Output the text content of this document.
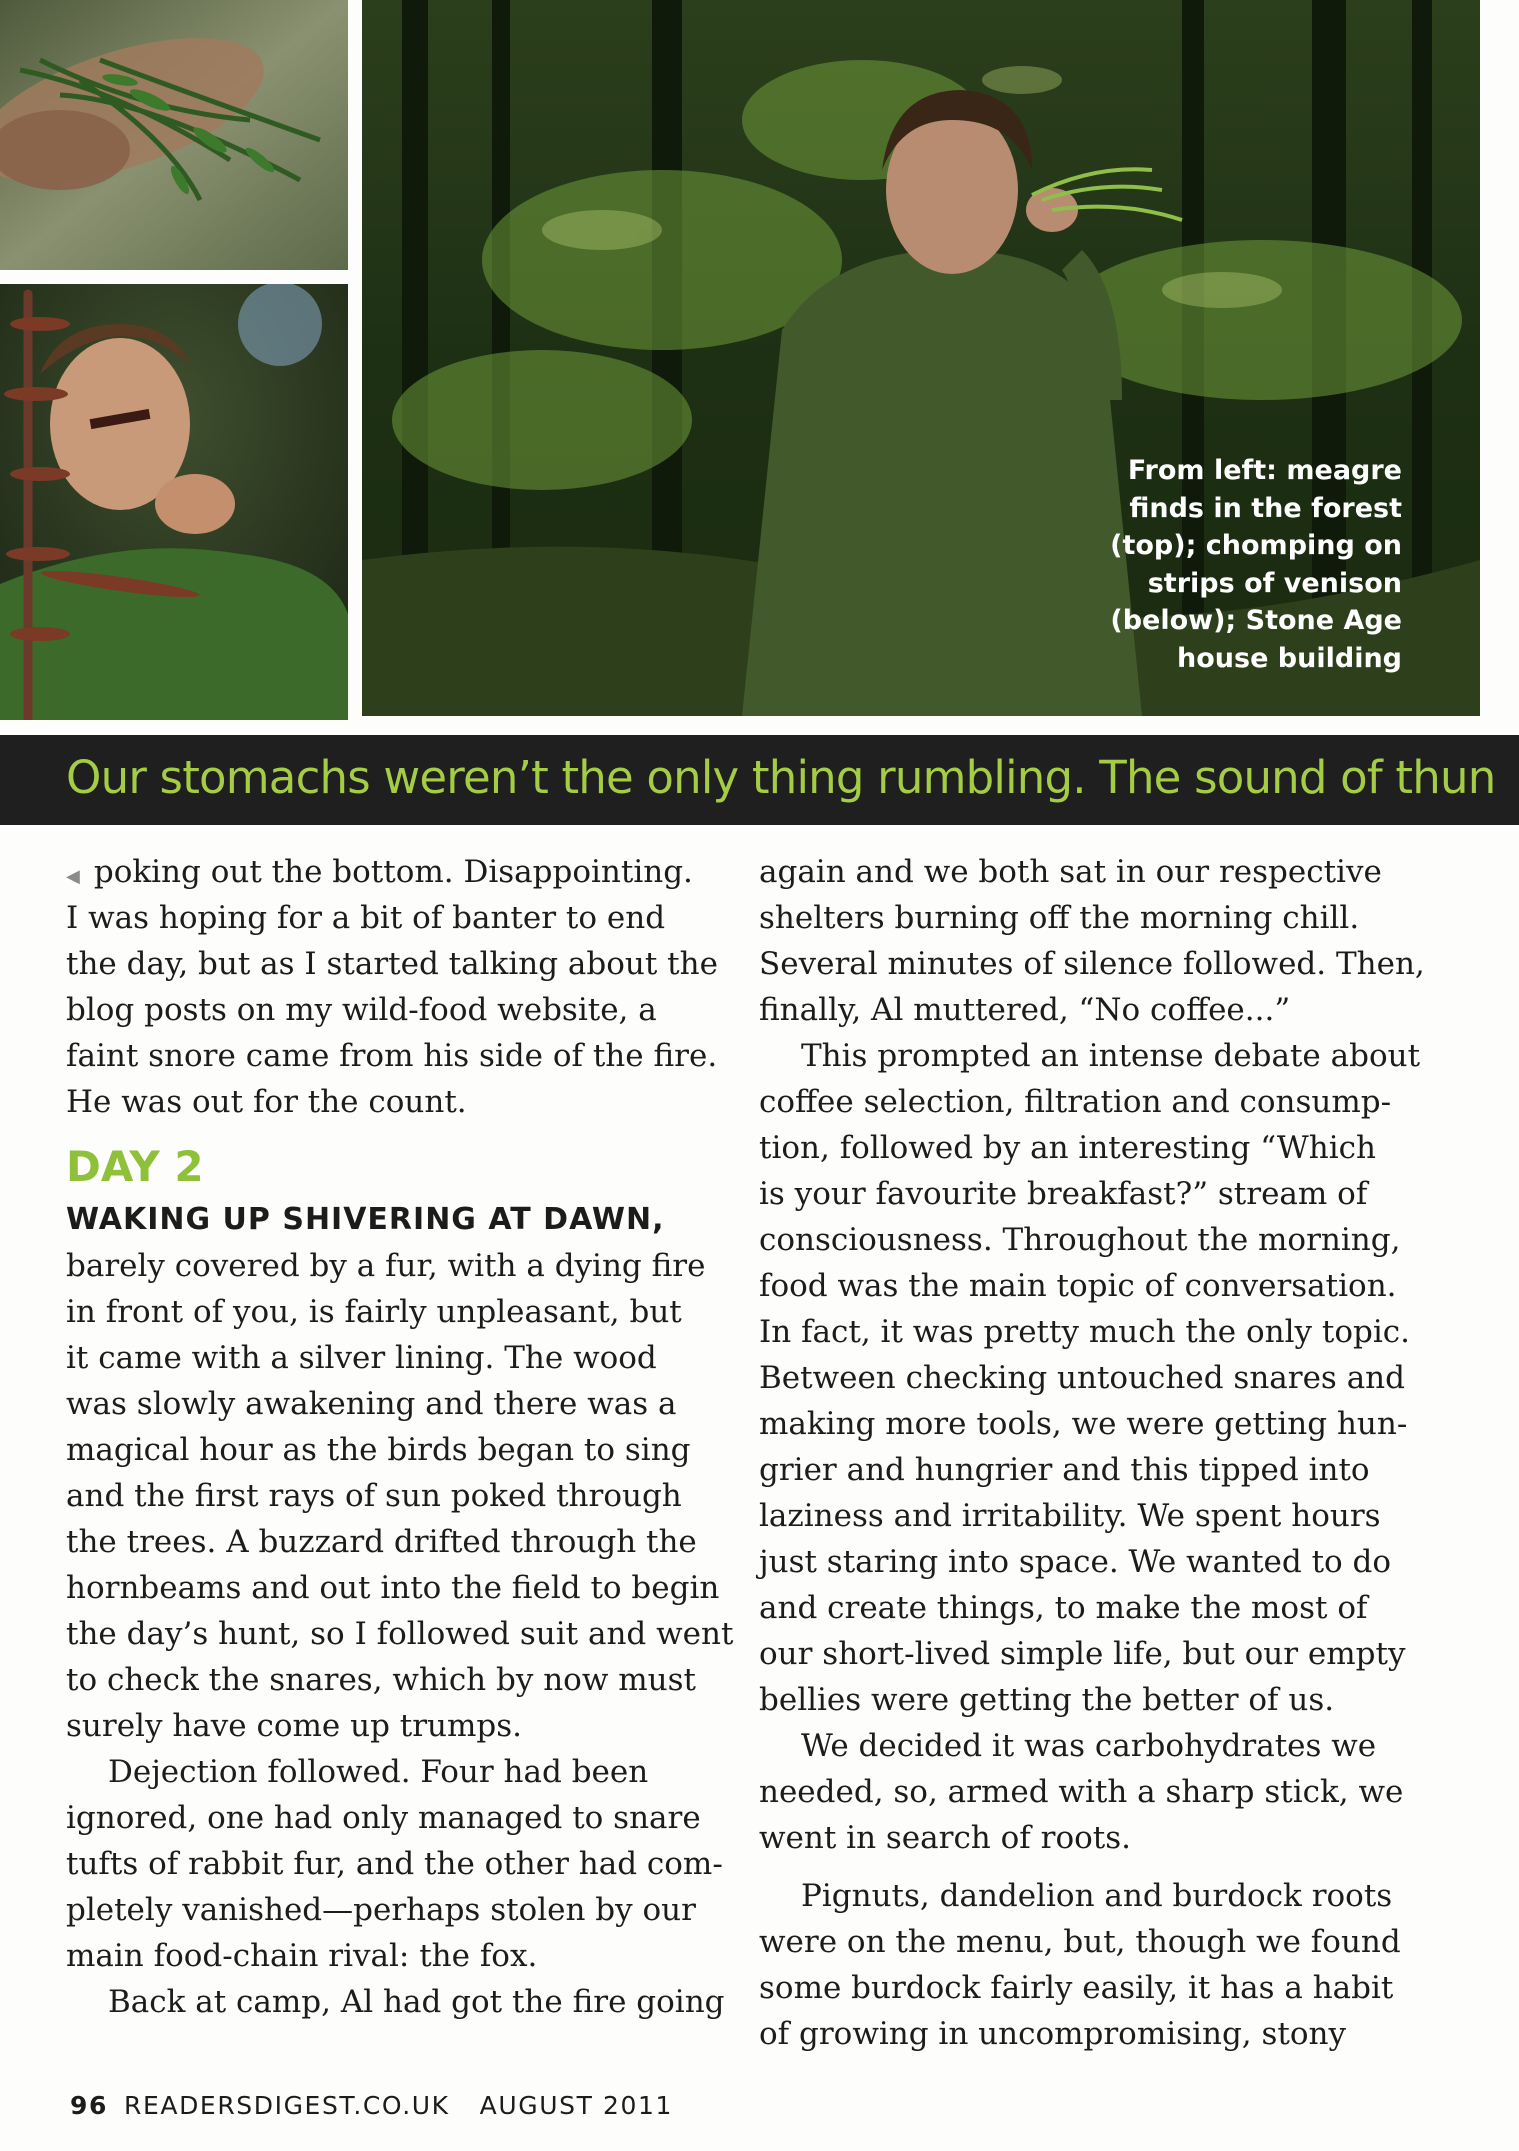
From left: meagre
finds in the forest
(top); chomping on
strips of venison
(below); Stone Age
house building
Our stomachs weren’t the only thing rumbling. The sound of thun
◀ poking out the bottom. Disappointing.
I was hoping for a bit of banter to end
the day, but as I started talking about the
blog posts on my wild-food website, a
faint snore came from his side of the fire.
He was out for the count.
DAY 2
WAKING UP SHIVERING AT DAWN,
barely covered by a fur, with a dying fire
in front of you, is fairly unpleasant, but
it came with a silver lining. The wood
was slowly awakening and there was a
magical hour as the birds began to sing
and the first rays of sun poked through
the trees. A buzzard drifted through the
hornbeams and out into the field to begin
the day’s hunt, so I followed suit and went
to check the snares, which by now must
surely have come up trumps.
Dejection followed. Four had been
ignored, one had only managed to snare
tufts of rabbit fur, and the other had com-
pletely vanished—perhaps stolen by our
main food-chain rival: the fox.
Back at camp, Al had got the fire going
again and we both sat in our respective
shelters burning off the morning chill.
Several minutes of silence followed. Then,
finally, Al muttered, “No coffee...”
This prompted an intense debate about
coffee selection, filtration and consump-
tion, followed by an interesting “Which
is your favourite breakfast?” stream of
consciousness. Throughout the morning,
food was the main topic of conversation.
In fact, it was pretty much the only topic.
Between checking untouched snares and
making more tools, we were getting hun-
grier and hungrier and this tipped into
laziness and irritability. We spent hours
just staring into space. We wanted to do
and create things, to make the most of
our short-lived simple life, but our empty
bellies were getting the better of us.
We decided it was carbohydrates we
needed, so, armed with a sharp stick, we
went in search of roots.
Pignuts, dandelion and burdock roots
were on the menu, but, though we found
some burdock fairly easily, it has a habit
of growing in uncompromising, stony
96 READERSDIGEST.CO.UK AUGUST 2011
